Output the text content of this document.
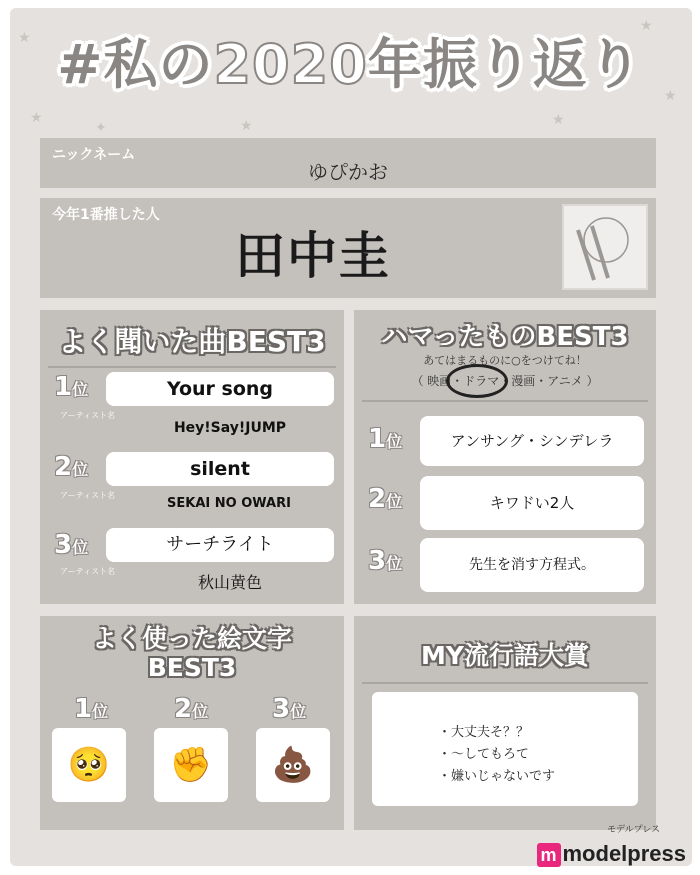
★
★
✦	★
★
★
★
#私の2020年振り返り
ニックネーム
ゆぴかお
今年1番推した人
田中圭
よく聞いた曲BEST3
1位	Your song
アーティスト名
Hey!Say!JUMP
2位	silent
アーティスト名
SEKAI NO OWARI
3位	サーチライト
アーティスト名
秋山黄色
ハマったものBEST3
あてはまるものに○をつけてね！
（ 映画・ドラマ・漫画・アニメ ）
1位	アンサング・シンデレラ
2位	キワドい2人
3位	先生を消す方程式。
よく使った絵文字
BEST3
1位	2位 3位
🥺	✊	💩
MY流行語大賞
・大丈夫そ？？
・〜してもろて
・嫌いじゃないです
モデルプレス
m modelpress
